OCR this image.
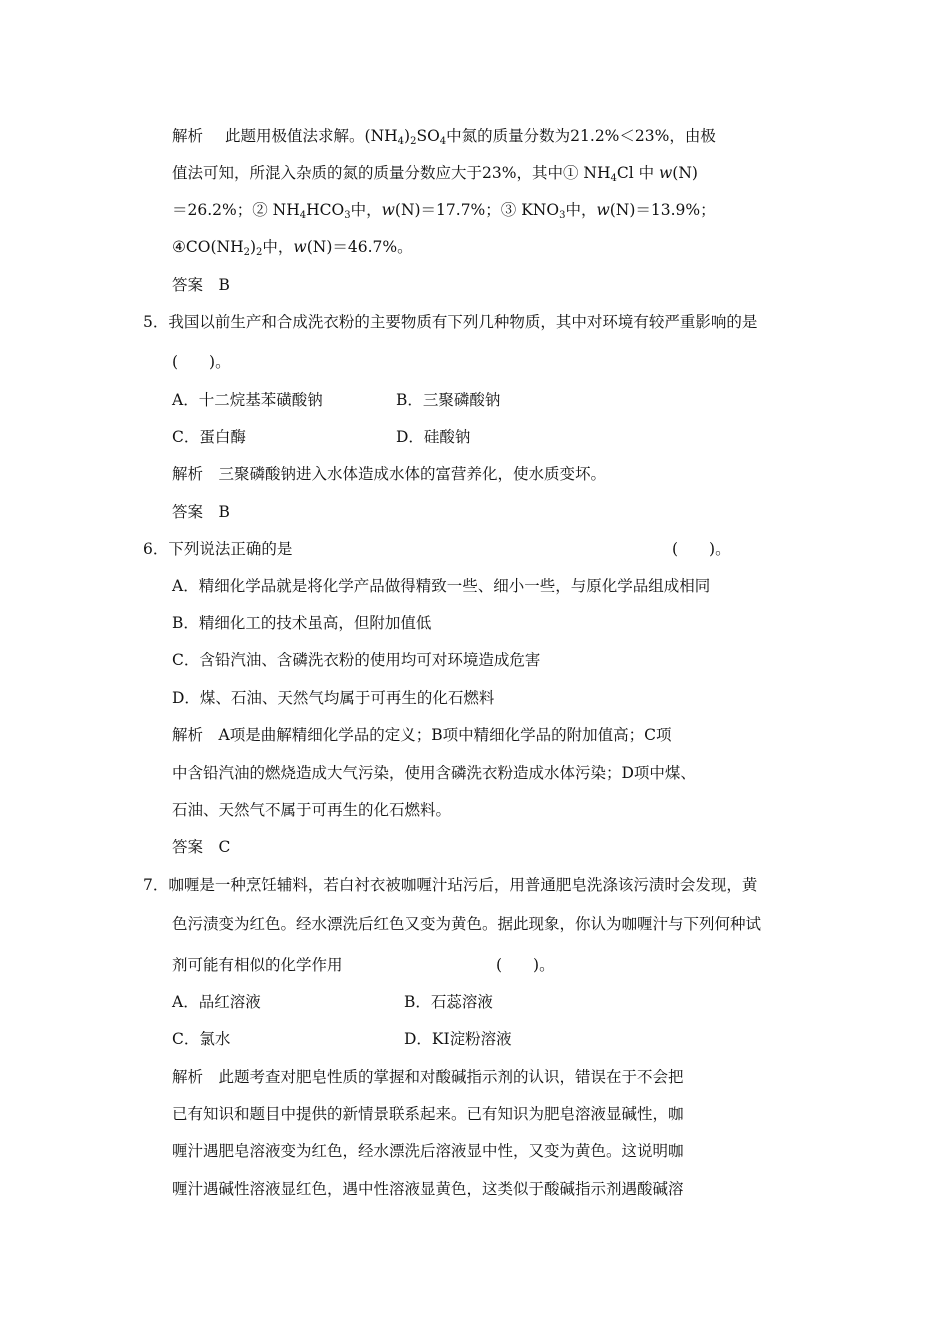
解析 此题用极值法求解。$(NH_4)_2SO_4$中氮的质量分数为21.2%＜23%，由极
值法可知，所混入杂质的氮的质量分数应大于23%，其中① $NH_4Cl$ 中 w(N)
＝26.2%；② $NH_4HCO_3$中，w(N)＝17.7%；③ $KNO_3$中，w(N)＝13.9%；
$④CO(NH_2)_2$中，w(N)＝46.7%。
答案　B
5．我国以前生产和合成洗衣粉的主要物质有下列几种物质，其中对环境有较严重影响的是
(　　)。
A．十二烷基苯磺酸钠	B．三聚磷酸钠
C．蛋白酶	D．硅酸钠
解析　三聚磷酸钠进入水体造成水体的富营养化，使水质变坏。
答案　B
6．下列说法正确的是	(　　)。
A．精细化学品就是将化学产品做得精致一些、细小一些，与原化学品组成相同
B．精细化工的技术虽高，但附加值低
C．含铅汽油、含磷洗衣粉的使用均可对环境造成危害
D．煤、石油、天然气均属于可再生的化石燃料
解析　A项是曲解精细化学品的定义；B项中精细化学品的附加值高；C项
中含铅汽油的燃烧造成大气污染，使用含磷洗衣粉造成水体污染；D项中煤、
石油、天然气不属于可再生的化石燃料。
答案　C
7．咖喱是一种烹饪辅料，若白衬衣被咖喱汁玷污后，用普通肥皂洗涤该污渍时会发现，黄
色污渍变为红色。经水漂洗后红色又变为黄色。据此现象，你认为咖喱汁与下列何种试
剂可能有相似的化学作用	(　　)。
A．品红溶液	B．石蕊溶液
C．氯水	D．KI淀粉溶液
解析　此题考查对肥皂性质的掌握和对酸碱指示剂的认识，错误在于不会把
已有知识和题目中提供的新情景联系起来。已有知识为肥皂溶液显碱性，咖
喱汁遇肥皂溶液变为红色，经水漂洗后溶液显中性，又变为黄色。这说明咖
喱汁遇碱性溶液显红色，遇中性溶液显黄色，这类似于酸碱指示剂遇酸碱溶
